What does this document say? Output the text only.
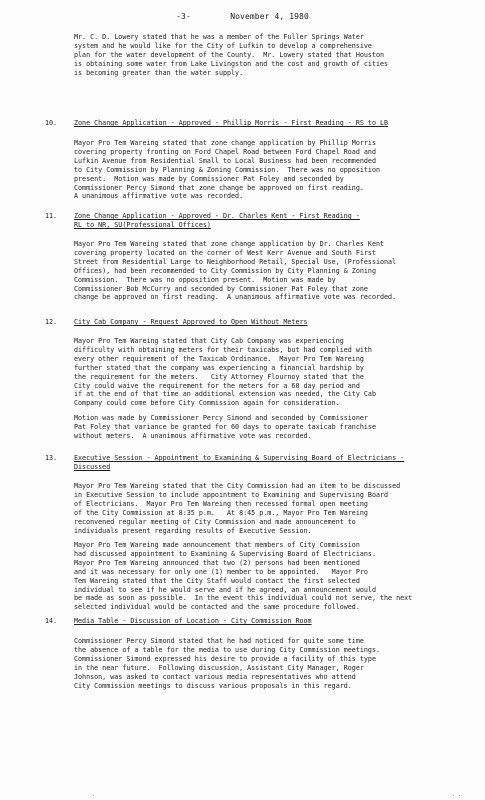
-3-        November 4, 1980

Mr. C. D. Lowery stated that he was a member of the Fuller Springs Water

system and he would like for the City of Lufkin to develop a comprehensive

plan for the water development of the County.  Mr. Lowery stated that Houston

is obtaining some water from Lake Livingston and the cost and growth of cities

is becoming greater than the water supply.

10.	Zone Change Application - Approved - Phillip Morris - First Reading - RS to LB

Mayor Pro Tem Wareing stated that zone change application by Phillip Morris

covering property fronting on Ford Chapel Road between Ford Chapel Road and

Lufkin Avenue from Residential Small to Local Business had been recommended

to City Commission by Planning & Zoning Commission.  There was no opposition

present.  Motion was made by Commissioner Pat Foley and seconded by

Commissioner Percy Simond that zone change be approved on first reading.

A unanimous affirmative vote was recorded.

11.	Zone Change Application - Approved - Dr. Charles Kent - First Reading -

RL to NR, SU(Professional Offices)

Mayor Pro Tem Wareing stated that zone change application by Dr. Charles Kent

covering property located on the corner of West Kerr Avenue and South First

Street from Residential Large to Neighborhood Retail, Special Use, (Professional

Offices), had been recommended to City Commission by City Planning & Zoning

Commission.  There was no opposition present.  Motion was made by

Commissioner Bob McCurry and seconded by Commissioner Pat Foley that zone

change be approved on first reading.  A unanimous affirmative vote was recorded.

12.	City Cab Company - Request Approved to Open Without Meters

Mayor Pro Tem Wareing stated that City Cab Company was experiencing

difficulty with obtaining meters for their taxicabs, but had complied with

every other requirement of the Taxicab Ordinance.  Mayor Pro Tem Wareing

further stated that the company was experiencing a financial hardship by

the requirement for the meters.   City Attorney Flournoy stated that the

City could waive the requirement for the meters for a 60 day period and

if at the end of that time an additional extension was needed, the City Cab

Company could come before City Commission again for consideration.

Motion was made by Commissioner Percy Simond and seconded by Commissioner

Pat Foley that variance be granted for 60 days to operate taxicab franchise

without meters.  A unanimous affirmative vote was recorded.

13.	Executive Session - Appointment to Examining & Supervising Board of Electricians -

Discussed

Mayor Pro Tem Wareing stated that the City Commission had an item to be discussed

in Executive Session to include appointment to Examining and Supervising Board

of Electricians.  Mayor Pro Tem Wareing then recessed formal open meeting

of the City Commission at 8:35 p.m.   At 8:45 p.m., Mayor Pro Tem Wareing

reconvened regular meeting of City Commission and made announcement to

individuals present regarding results of Executive Session.

Mayor Pro Tem Wareing made announcement that members of City Commission

had discussed appointment to Examining & Supervising Board of Electricians.

Mayor Pro Tem Wareing announced that two (2) persons had been mentioned

and it was necessary for only one (1) member to be appointed.   Mayor Pro

Tem Wareing stated that the City Staff would contact the first selected

individual to see if he would serve and if he agreed, an announcement would

be made as soon as possible.  In the event this individual could not serve, the next

selected individual would be contacted and the same procedure followed.

14.	Media Table - Discussion of Location - City Commission Room

Commissioner Percy Simond stated that he had noticed for quite some time

the absence of a table for the media to use during City Commission meetings.

Commissioner Simond expressed his desire to provide a facility of this type

in the near future.  Following discussion, Assistant City Manager, Roger

Johnson, was asked to contact various media representatives who attend

City Commission meetings to discuss various proposals in this regard.

.	. .
